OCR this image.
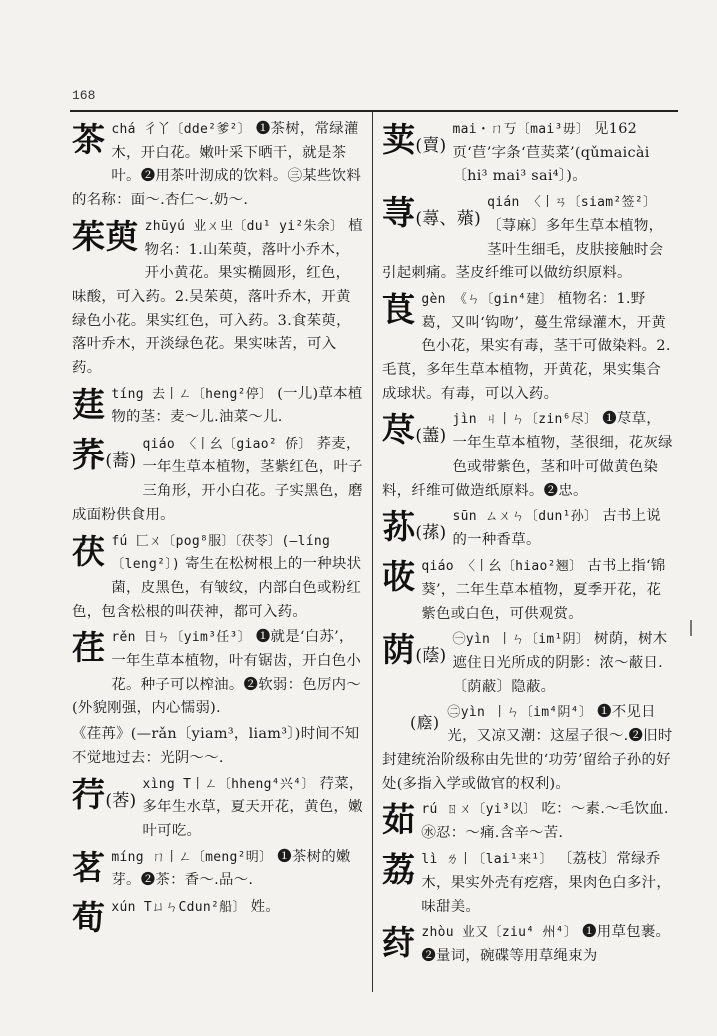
168
茶 chá 彳丫〔dde²爹²〕 ❶茶树，常绿灌木，开白花。嫩叶采下晒干，就是茶叶。❷用茶叶沏成的饮料。㊂某些饮料的名称：面～.杏仁～.奶～.
茱萸 zhūyú 业ㄨ㞢〔du¹ yi²朱余〕 植物名：1.山茱萸，落叶小乔木，开小黄花。果实椭圆形，红色，味酸，可入药。2.吴茱萸，落叶乔木，开黄绿色小花。果实红色，可入药。3.食茱萸，落叶乔木，开淡绿色花。果实味苦，可入药。
莛 tíng 去丨ㄥ〔heng²停〕 (一儿)草本植物的茎：麦～儿.油菜～儿.
荞(蕎)
qiáo 〈丨幺〔giao² 侨〕 荞麦，一年生草本植物，茎紫红色，叶子三角形，开小白花。子实黑色，磨成面粉供食用。
茯 fú 匚ㄨ〔pog⁸服〕〔茯苓〕(—líng〔leng²〕) 寄生在松树根上的一种块状菌，皮黑色，有皱纹，内部白色或粉红色，包含松根的叫茯神，都可入药。
荏 rěn 日ㄣ〔yim³任³〕 ❶就是‘白苏’，一年生草本植物，叶有锯齿，开白色小花。种子可以榨油。❷软弱：色厉内～(外貌刚强，内心懦弱).
《荏苒》(—rǎn〔yiam³，liam³〕)时间不知不觉地过去：光阴～～.
荇(莕)
xìng T丨ㄥ〔hheng⁴兴⁴〕 荇菜，多年生水草，夏天开花，黄色，嫩叶可吃。
茗 míng ㄇ丨ㄥ〔meng²明〕 ❶茶树的嫩芽。❷茶：香～.品～.
荀 xún TㄩㄣCdun²船〕 姓。
荬(賣)
mai・ㄇ丂〔mai³毋〕 见162页‘苣’字条‘苣荬菜’(qǔmaicài〔hi³ mai³ sai⁴〕)。
荨(蕁、薞)
qián 〈丨ㄢ〔siam²签²〕 〔荨麻〕多年生草本植物，茎叶生细毛，皮肤接触时会引起刺痛。茎皮纤维可以做纺织原料。
茛 gèn 《ㄣ〔gin⁴建〕 植物名：1.野葛，又叫‘钩吻’，蔓生常绿灌木，开黄色小花，果实有毒，茎干可做染料。2.毛茛，多年生草本植物，开黄花，果实集合成球状。有毒，可以入药。
荩(藎)
jìn ㄐ丨ㄣ〔zin⁶尽〕 ❶荩草，一年生草本植物，茎很细，花灰绿色或带紫色，茎和叶可做黄色染料，纤维可做造纸原料。❷忠。
荪(蓀)
sūn ㄙㄨㄣ〔dun¹孙〕 古书上说的一种香草。
荍 qiáo 〈丨幺〔hiao²翘〕 古书上指‘锦葵’，二年生草本植物，夏季开花，花紫色或白色，可供观赏。
荫(蔭)
㊀yìn 丨ㄣ〔im¹阴〕 树荫，树木遮住日光所成的阴影：浓～蔽日.〔荫蔽〕隐蔽。
(廕)
㊁yìn 丨ㄣ〔im⁴阴⁴〕 ❶不见日光，又凉又潮：这屋子很～.❷旧时封建统治阶级称由先世的‘功劳’留给子孙的好处(多指入学或做官的权利)。
茹 rú ㄖㄨ〔yi³以〕 吃：～素.～毛饮血.㊌忍：～痛.含辛～苦.
荔 lì ㄌ丨〔lai¹来¹〕 〔荔枝〕常绿乔木，果实外壳有疙瘩，果肉色白多汁，味甜美。
荮 zhòu 业又〔ziu⁴ 州⁴〕 ❶用草包裹。❷量词，碗碟等用草绳束为
